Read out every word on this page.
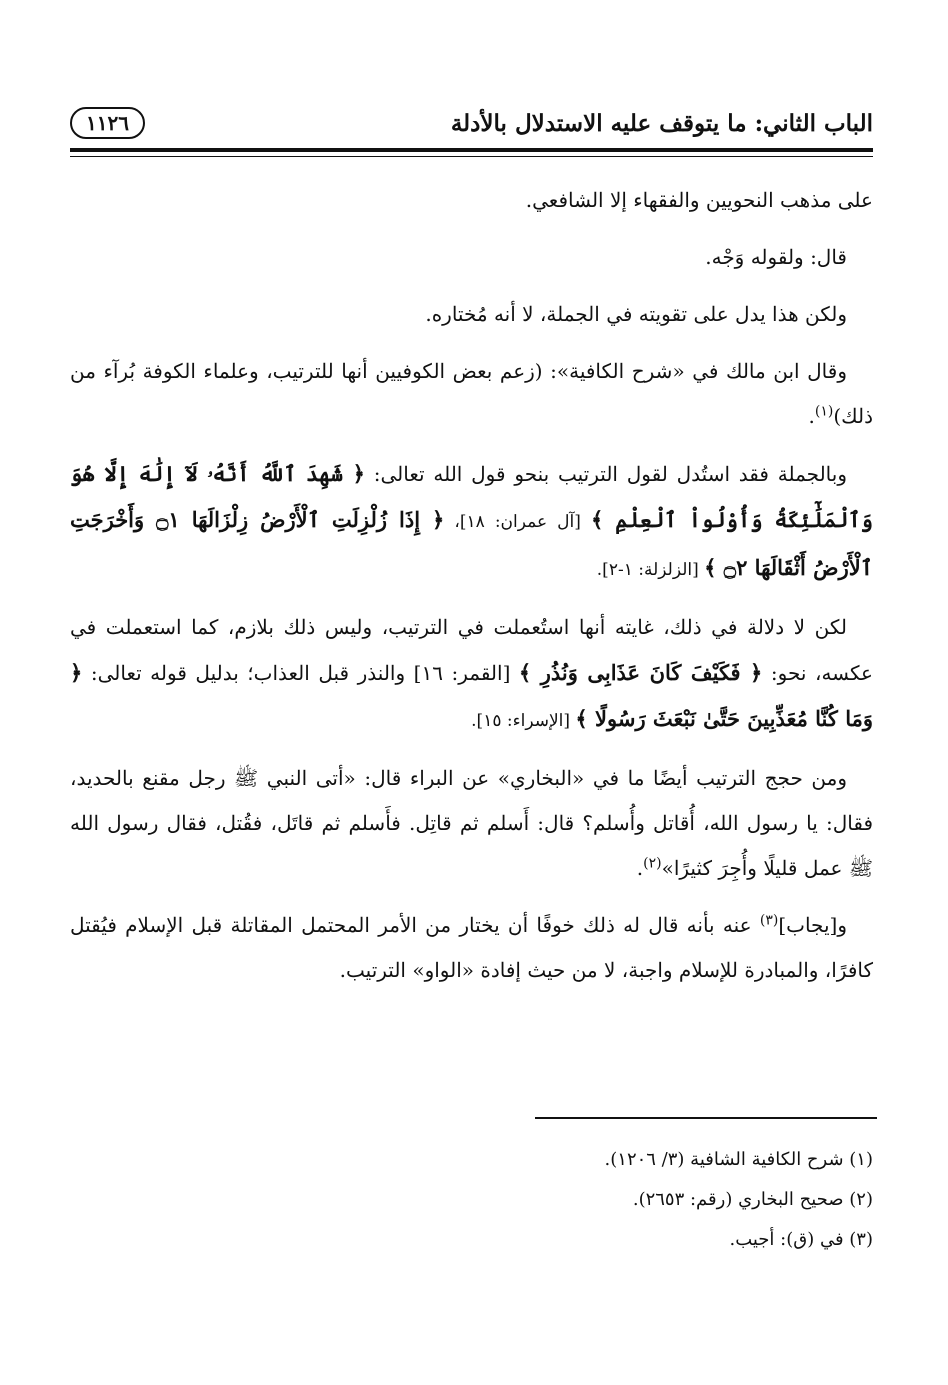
الباب الثاني: ما يتوقف عليه الاستدلال بالأدلة
١١٢٦

على مذهب النحويين والفقهاء إلا الشافعي.

قال: ولقوله وَجْه.

ولكن هذا يدل على تقويته في الجملة، لا أنه مُختاره.

وقال ابن مالك في «شرح الكافية»: (زعم بعض الكوفيين أنها للترتيب، وعلماء الكوفة بُرآء من ذلك)$^{(١)}$.

وبالجملة فقد استُدل لقول الترتيب بنحو قول الله تعالى: ﴿ شَهِدَ ٱللَّهُ أَنَّهُۥ لَآ إِلَٰهَ إِلَّا هُوَ وَٱلْمَلَٰٓئِكَةُ وَأُوْلُواْ ٱلْعِلْمِ ﴾ [آل عمران: ١٨]، ﴿ إِذَا زُلْزِلَتِ ٱلْأَرْضُ زِلْزَالَهَا ۝١ وَأَخْرَجَتِ ٱلْأَرْضُ أَثْقَالَهَا ۝٢ ﴾ [الزلزلة: ١-٢].

لكن لا دلالة في ذلك، غايته أنها استُعملت في الترتيب، وليس ذلك بلازم، كما استعملت في عكسه، نحو: ﴿ فَكَيْفَ كَانَ عَذَابِى وَنُذُرِ ﴾ [القمر: ١٦] والنذر قبل العذاب؛ بدليل قوله تعالى: ﴿ وَمَا كُنَّا مُعَذِّبِينَ حَتَّىٰ نَبْعَثَ رَسُولًا ﴾ [الإسراء: ١٥].

ومن حجج الترتيب أيضًا ما في «البخاري» عن البراء قال: «أتى النبي ﷺ رجل مقنع بالحديد، فقال: يا رسول الله، أُقاتل وأُسلم؟ قال: أَسلم ثم قاتِل. فأَسلم ثم قاتَل، فقُتل، فقال رسول الله ﷺ عمل قليلًا وأُجِرَ كثيرًا»$^{(٢)}$.

و[يجاب]$^{(٣)}$ عنه بأنه قال له ذلك خوفًا أن يختار من الأمر المحتمل المقاتلة قبل الإسلام فيُقتل كافرًا، والمبادرة للإسلام واجبة، لا من حيث إفادة «الواو» الترتيب.

(١) شرح الكافية الشافية (٣/ ١٢٠٦).

(٢) صحيح البخاري (رقم: ٢٦٥٣).

(٣) في (ق): أجيب.
